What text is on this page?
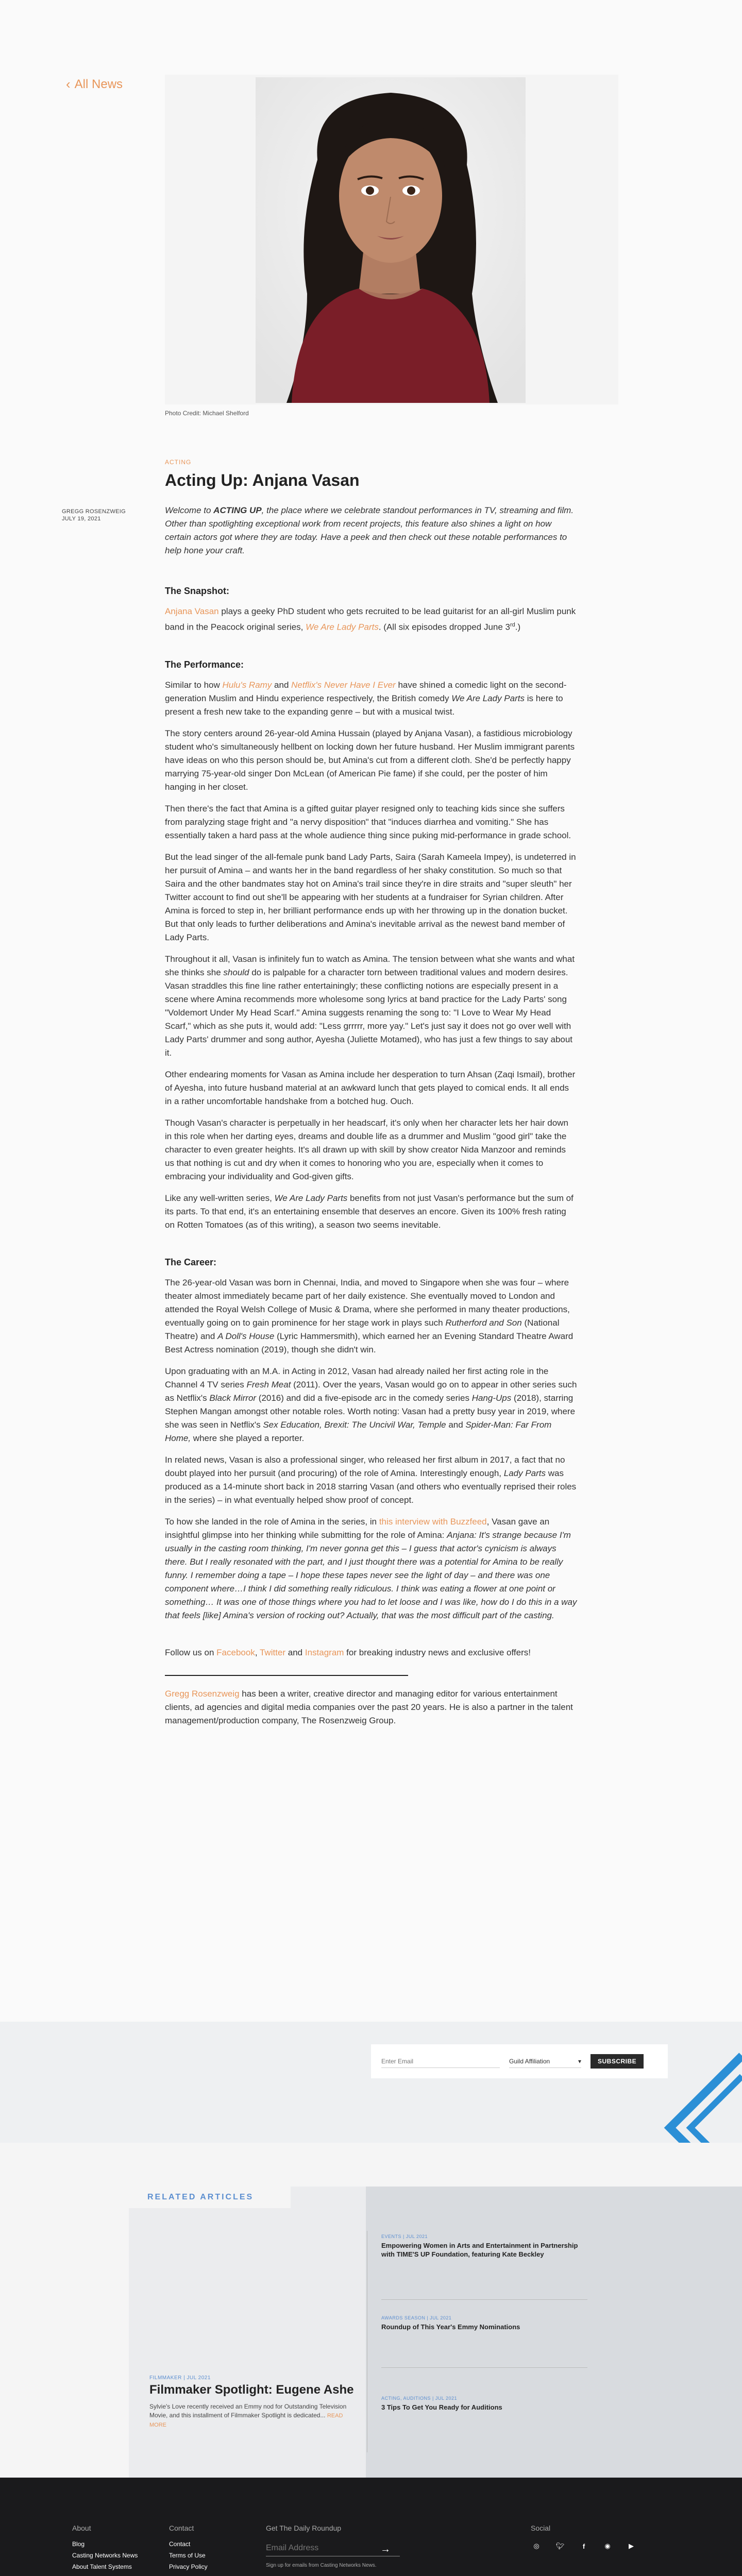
‹ All News
Photo Credit: Michael Shelford
ACTING
GREGG ROSENZWEIG
JULY 19, 2021
Acting Up: Anjana Vasan

Welcome to ACTING UP, the place where we celebrate standout performances in TV, streaming and film. Other than spotlighting exceptional work from recent projects, this feature also shines a light on how certain actors got where they are today. Have a peek and then check out these notable performances to help hone your craft.

The Snapshot:

Anjana Vasan plays a geeky PhD student who gets recruited to be lead guitarist for an all-girl Muslim punk band in the Peacock original series, We Are Lady Parts. (All six episodes dropped June 3rd.)

The Performance:

Similar to how Hulu's Ramy and Netflix's Never Have I Ever have shined a comedic light on the second-generation Muslim and Hindu experience respectively, the British comedy We Are Lady Parts is here to present a fresh new take to the expanding genre – but with a musical twist.

The story centers around 26-year-old Amina Hussain (played by Anjana Vasan), a fastidious microbiology student who's simultaneously hellbent on locking down her future husband. Her Muslim immigrant parents have ideas on who this person should be, but Amina's cut from a different cloth. She'd be perfectly happy marrying 75-year-old singer Don McLean (of American Pie fame) if she could, per the poster of him hanging in her closet.

Then there's the fact that Amina is a gifted guitar player resigned only to teaching kids since she suffers from paralyzing stage fright and "a nervy disposition" that "induces diarrhea and vomiting." She has essentially taken a hard pass at the whole audience thing since puking mid-performance in grade school.

But the lead singer of the all-female punk band Lady Parts, Saira (Sarah Kameela Impey), is undeterred in her pursuit of Amina – and wants her in the band regardless of her shaky constitution. So much so that Saira and the other bandmates stay hot on Amina's trail since they're in dire straits and "super sleuth" her Twitter account to find out she'll be appearing with her students at a fundraiser for Syrian children. After Amina is forced to step in, her brilliant performance ends up with her throwing up in the donation bucket. But that only leads to further deliberations and Amina's inevitable arrival as the newest band member of Lady Parts.

Throughout it all, Vasan is infinitely fun to watch as Amina. The tension between what she wants and what she thinks she should do is palpable for a character torn between traditional values and modern desires. Vasan straddles this fine line rather entertainingly; these conflicting notions are especially present in a scene where Amina recommends more wholesome song lyrics at band practice for the Lady Parts' song "Voldemort Under My Head Scarf." Amina suggests renaming the song to: "I Love to Wear My Head Scarf," which as she puts it, would add: "Less grrrrr, more yay." Let's just say it does not go over well with Lady Parts' drummer and song author, Ayesha (Juliette Motamed), who has just a few things to say about it.

Other endearing moments for Vasan as Amina include her desperation to turn Ahsan (Zaqi Ismail), brother of Ayesha, into future husband material at an awkward lunch that gets played to comical ends. It all ends in a rather uncomfortable handshake from a botched hug. Ouch.

Though Vasan's character is perpetually in her headscarf, it's only when her character lets her hair down in this role when her darting eyes, dreams and double life as a drummer and Muslim "good girl" take the character to even greater heights. It's all drawn up with skill by show creator Nida Manzoor and reminds us that nothing is cut and dry when it comes to honoring who you are, especially when it comes to embracing your individuality and God-given gifts.

Like any well-written series, We Are Lady Parts benefits from not just Vasan's performance but the sum of its parts. To that end, it's an entertaining ensemble that deserves an encore. Given its 100% fresh rating on Rotten Tomatoes (as of this writing), a season two seems inevitable.

The Career:

The 26-year-old Vasan was born in Chennai, India, and moved to Singapore when she was four – where theater almost immediately became part of her daily existence. She eventually moved to London and attended the Royal Welsh College of Music & Drama, where she performed in many theater productions, eventually going on to gain prominence for her stage work in plays such Rutherford and Son (National Theatre) and A Doll's House (Lyric Hammersmith), which earned her an Evening Standard Theatre Award Best Actress nomination (2019), though she didn't win.

Upon graduating with an M.A. in Acting in 2012, Vasan had already nailed her first acting role in the Channel 4 TV series Fresh Meat (2011). Over the years, Vasan would go on to appear in other series such as Netflix's Black Mirror (2016) and did a five-episode arc in the comedy series Hang-Ups (2018), starring Stephen Mangan amongst other notable roles. Worth noting: Vasan had a pretty busy year in 2019, where she was seen in Netflix's Sex Education, Brexit: The Uncivil War, Temple and Spider-Man: Far From Home, where she played a reporter.

In related news, Vasan is also a professional singer, who released her first album in 2017, a fact that no doubt played into her pursuit (and procuring) of the role of Amina. Interestingly enough, Lady Parts was produced as a 14-minute short back in 2018 starring Vasan (and others who eventually reprised their roles in the series) – in what eventually helped show proof of concept.

To how she landed in the role of Amina in the series, in this interview with Buzzfeed, Vasan gave an insightful glimpse into her thinking while submitting for the role of Amina: Anjana: It's strange because I'm usually in the casting room thinking, I'm never gonna get this – I guess that actor's cynicism is always there. But I really resonated with the part, and I just thought there was a potential for Amina to be really funny. I remember doing a tape – I hope these tapes never see the light of day – and there was one component where…I think I did something really ridiculous. I think was eating a flower at one point or something… It was one of those things where you had to let loose and I was like, how do I do this in a way that feels [like] Amina's version of rocking out? Actually, that was the most difficult part of the casting.

Follow us on Facebook, Twitter and Instagram for breaking industry news and exclusive offers!

Gregg Rosenzweig has been a writer, creative director and managing editor for various entertainment clients, ad agencies and digital media companies over the past 20 years. He is also a partner in the talent management/production company, The Rosenzweig Group.

Enter Email
Guild Affiliation	▾	SUBSCRIBE
RELATED ARTICLES
FILMMAKER | JUL 2021
Filmmaker Spotlight: Eugene Ashe

Sylvie's Love recently received an Emmy nod for Outstanding Television Movie, and this installment of Filmmaker Spotlight is dedicated... READ MORE

EVENTS | JUL 2021
Empowering Women in Arts and Entertainment in Partnership with TIME'S UP Foundation, featuring Kate Beckley
AWARDS SEASON | JUL 2021
Roundup of This Year's Emmy Nominations
ACTING, AUDITIONS | JUL 2021
3 Tips To Get You Ready for Auditions
About
Blog
Casting Networks News
About Talent Systems
Contact
Contact
Terms of Use
Privacy Policy
Get The Daily Roundup
Email Address
→
Sign up for emails from Casting Networks News.
Social
◎	🐦︎	f	◉	▶
